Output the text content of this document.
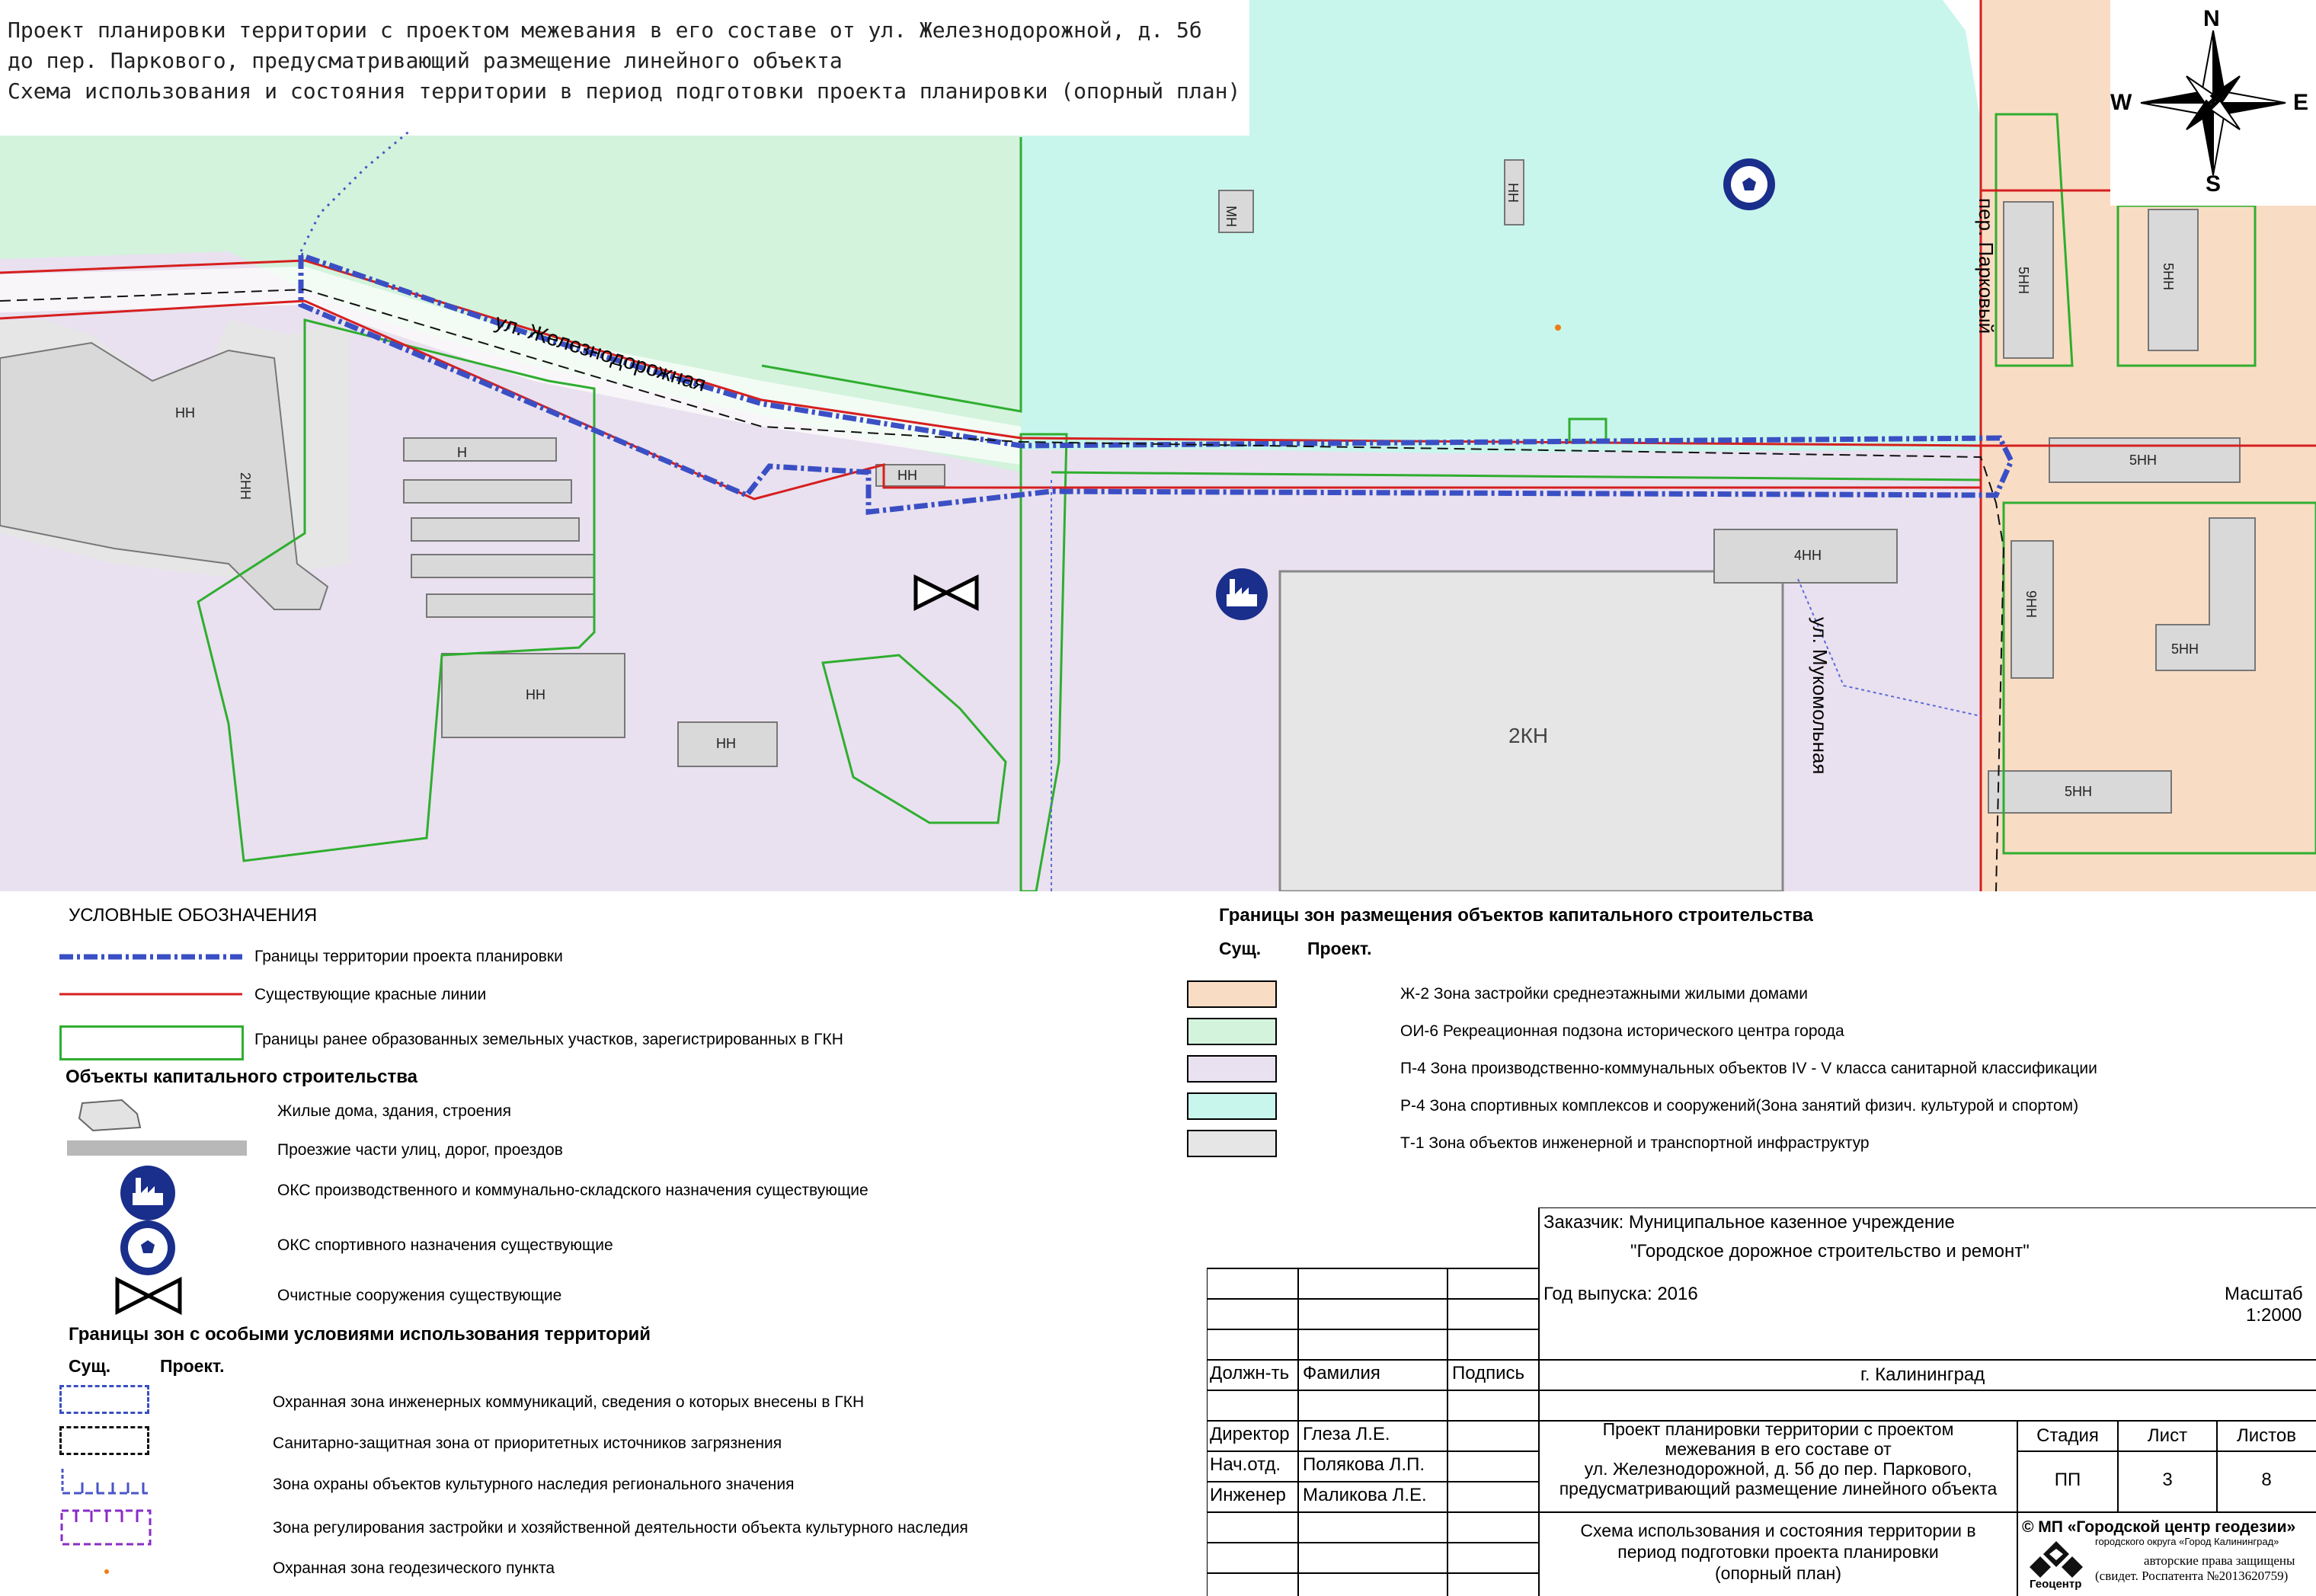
ул. Железнодорожная
ул. Мукомольная
пер. Парковый
НН
2НН
Н
НН
НН
НН
4НН
МН
НН
5НН	5НН
5НН
9НН
5НН
5НН
2КН
Проект планировки территории с проектом межевания в его составе от ул. Железнодорожной, д. 5б
до пер. Паркового, предусматривающий размещение линейного объекта
Схема использования и состояния территории в период подготовки проекта планировки (опорный план)
N
S
W	E
УСЛОВНЫЕ ОБОЗНАЧЕНИЯ
Границы территории проекта планировки
Существующие красные линии
Границы ранее образованных земельных участков, зарегистрированных в ГКН
Объекты капитального строительства
Жилые дома, здания, строения
Проезжие части улиц, дорог, проездов
ОКС производственного и коммунально-складского назначения существующие
ОКС спортивного назначения существующие
Очистные сооружения существующие
Границы зон с особыми условиями использования территорий
Сущ.	Проект.
Охранная зона инженерных коммуникаций, сведения о которых внесены в ГКН
Санитарно-защитная зона от приоритетных источников загрязнения
Зона охраны объектов культурного наследия регионального значения
Зона регулирования застройки и хозяйственной деятельности объекта культурного наследия
Охранная зона геодезического пункта
Границы зон размещения объектов капитального строительства
Сущ.	Проект.
Ж-2 Зона застройки среднеэтажными жилыми домами
ОИ-6 Рекреационная подзона исторического центра города
П-4 Зона производственно-коммунальных объектов IV - V класса санитарной классификации
Р-4 Зона спортивных комплексов и сооружений(Зона занятий физич. культурой и спортом)
Т-1 Зона объектов инженерной и транспортной инфраструктур
Заказчик: Муниципальное казенное учреждение
"Городское дорожное строительство и ремонт"
Год выпуска: 2016	Масштаб
1:2000
Должн-ть Фамилия	Подпись	г. Калининград
Директор Глеза Л.Е.
Нач.отд. Полякова Л.П.
Инженер Маликова Л.Е.
Проект планировки территории с проектом
межевания в его составе от
ул. Железнодорожной, д. 5б до пер. Паркового,
предусматривающий размещение линейного объекта
Стадия	Лист	Листов
ПП	3	8
Схема использования и состояния территории в
период подготовки проекта планировки
(опорный план)
© МП «Городской центр геодезии»
городского округа «Город Калининград»
Геоцентр
авторские права защищены
(свидет. Роспатента №2013620759)
